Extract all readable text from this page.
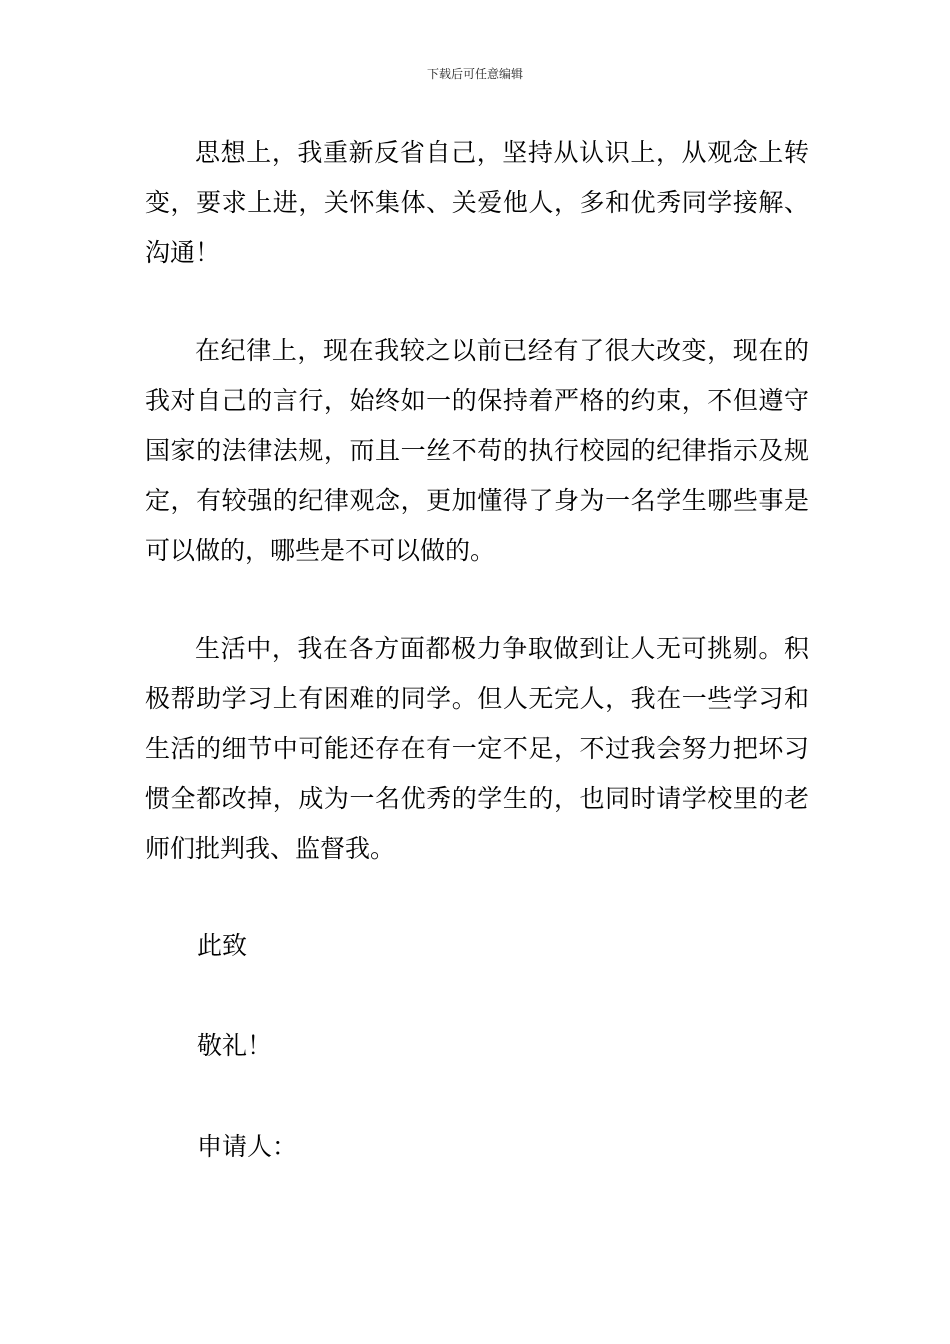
下载后可任意编辑

思想上，我重新反省自己，坚持从认识上，从观念上转变，要求上进，关怀集体、关爱他人，多和优秀同学接解、沟通！

在纪律上，现在我较之以前已经有了很大改变，现在的我对自己的言行，始终如一的保持着严格的约束，不但遵守国家的法律法规，而且一丝不苟的执行校园的纪律指示及规定，有较强的纪律观念，更加懂得了身为一名学生哪些事是可以做的，哪些是不可以做的。

生活中，我在各方面都极力争取做到让人无可挑剔。积极帮助学习上有困难的同学。但人无完人，我在一些学习和生活的细节中可能还存在有一定不足，不过我会努力把坏习惯全都改掉，成为一名优秀的学生的，也同时请学校里的老师们批判我、监督我。

此致

敬礼！

申请人：
